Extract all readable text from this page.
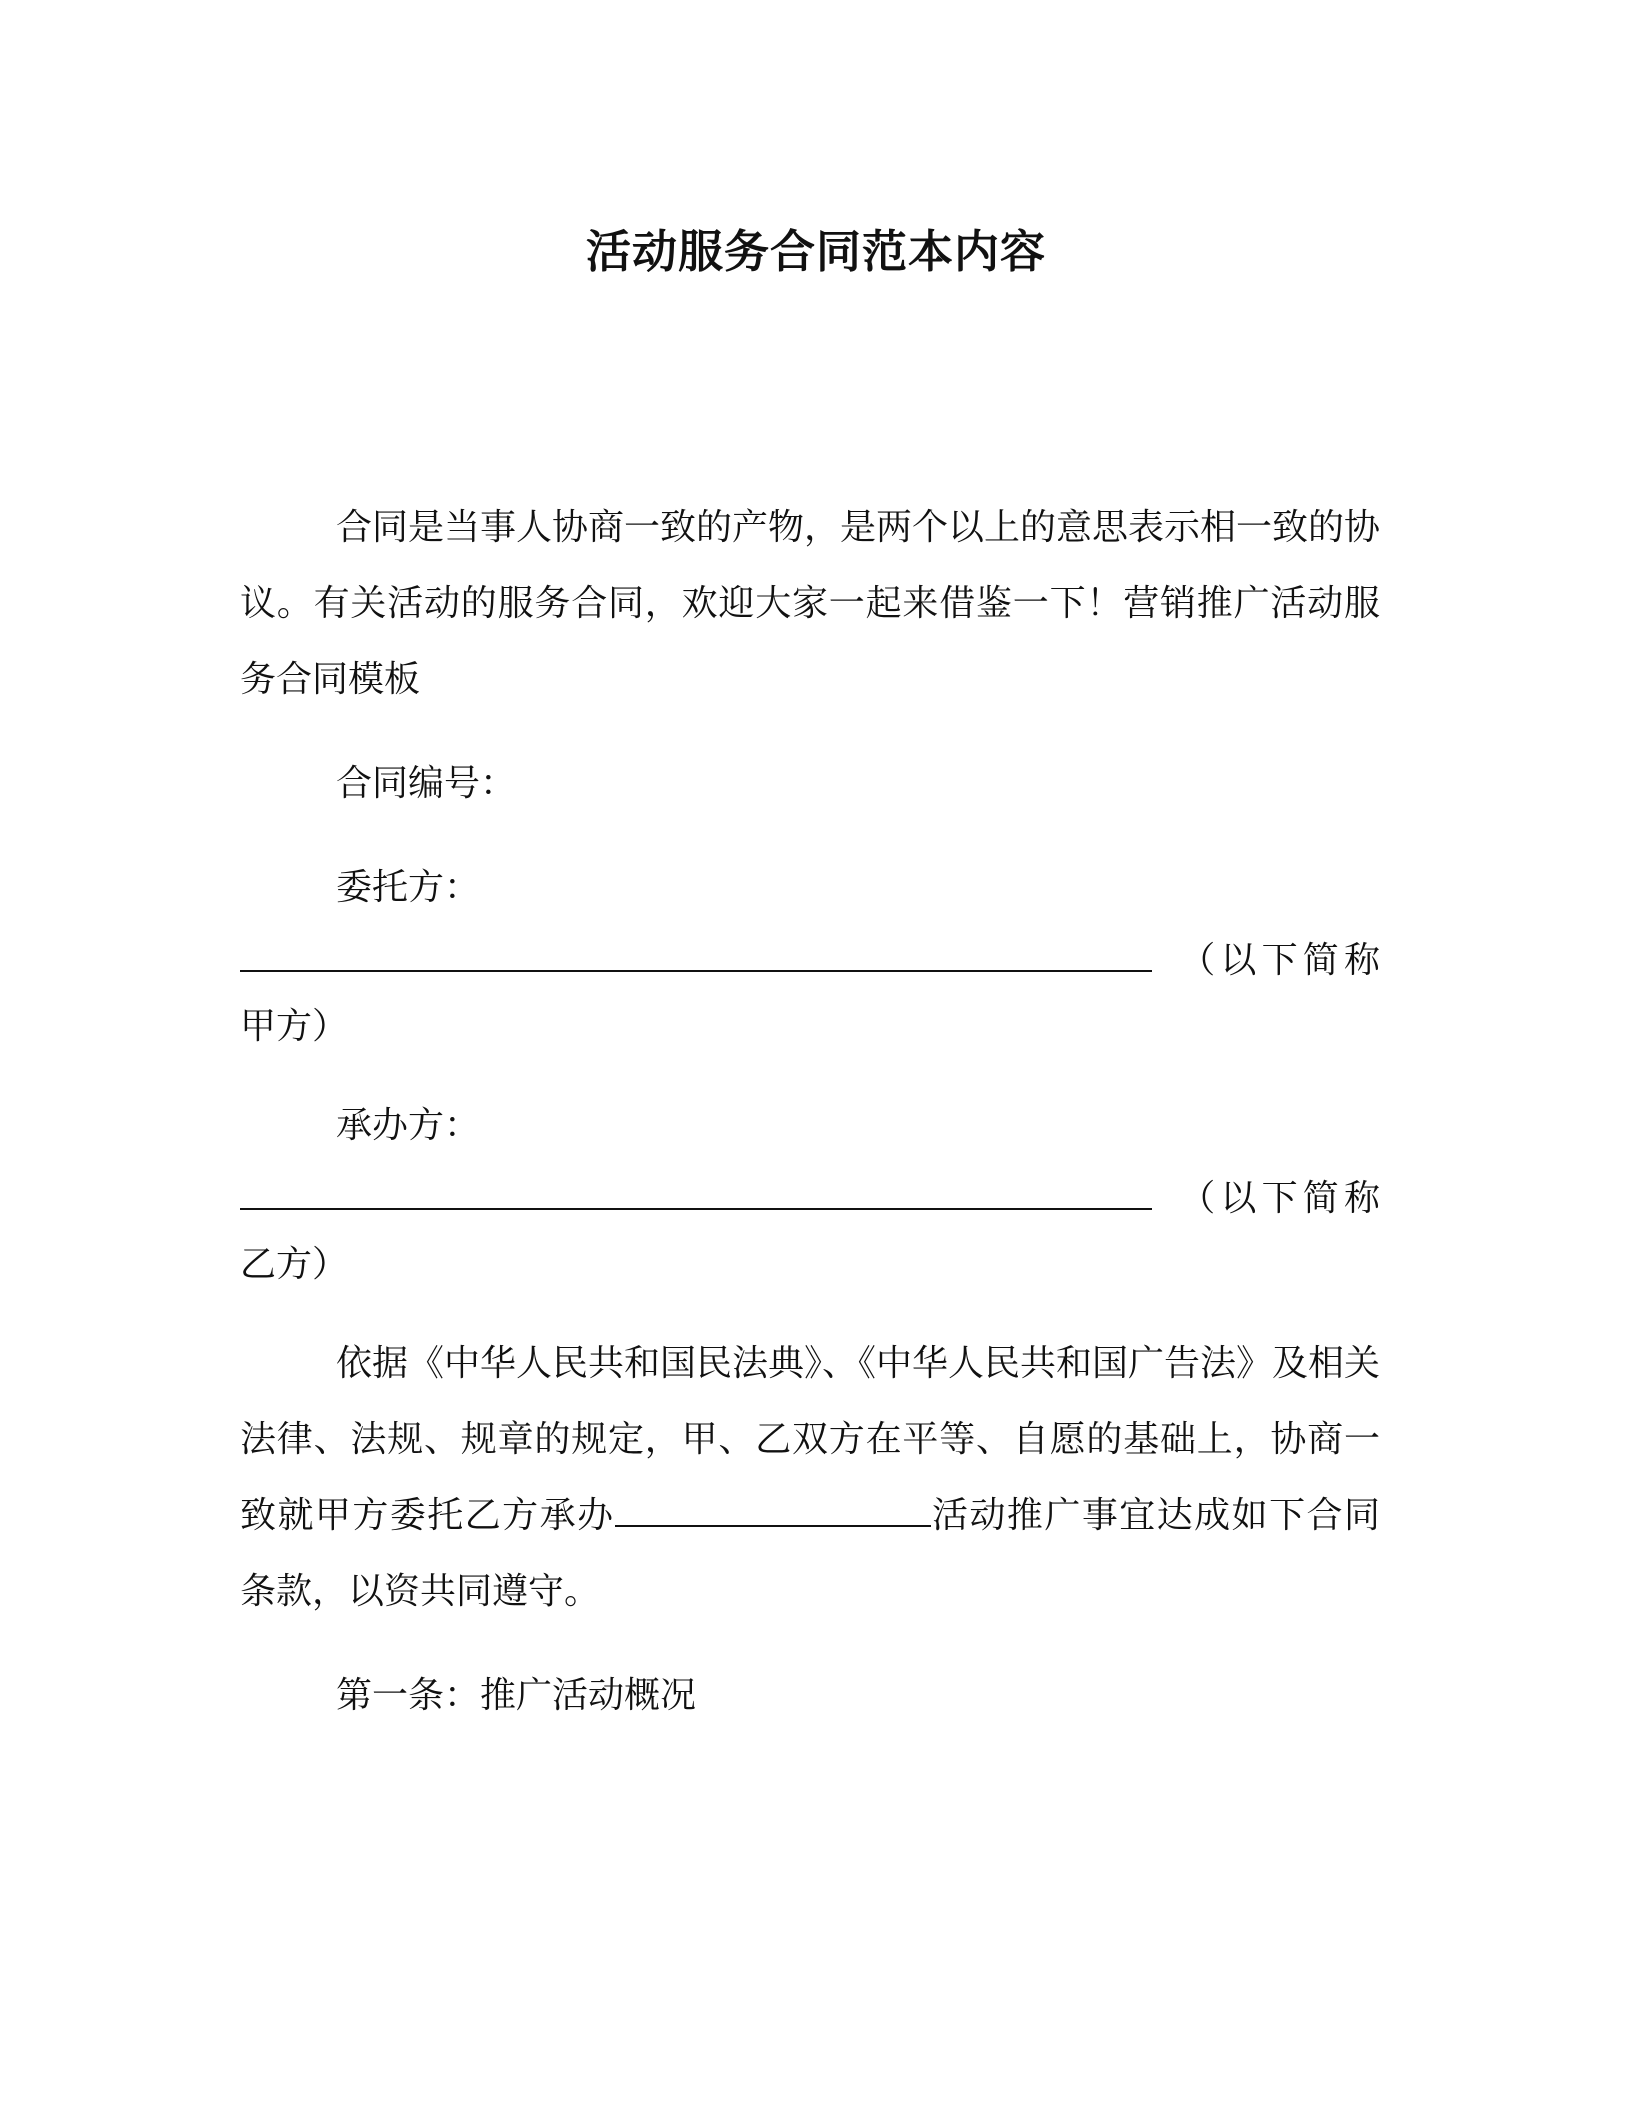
活动服务合同范本内容

合同是当事人协商一致的产物，是两个以上的意思表示相一致的协议。有关活动的服务合同，欢迎大家一起来借鉴一下！营销推广活动服务合同模板

合同编号：

委托方：

（以下简称甲方）

承办方：

（以下简称乙方）

依据《中华人民共和国民法典》、《中华人民共和国广告法》及相关法律、法规、规章的规定，甲、乙双方在平等、自愿的基础上，协商一致就甲方委托乙方承办	活动推广事宜达成如下合同条款，以资共同遵守。

第一条：推广活动概况
